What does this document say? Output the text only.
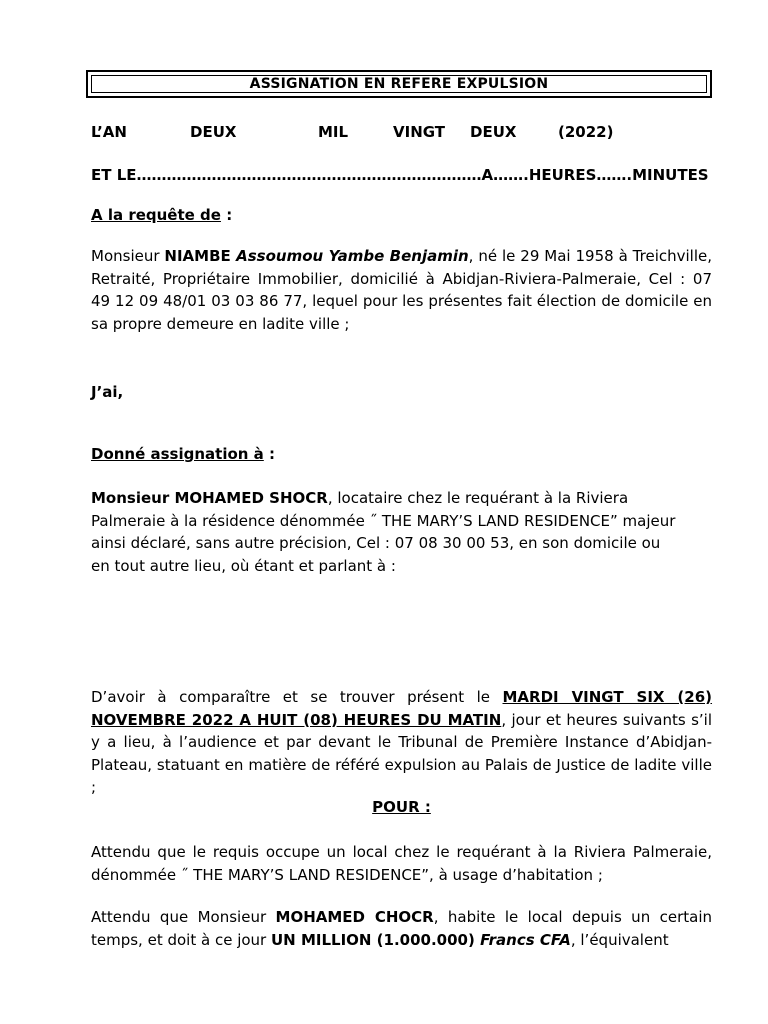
ASSIGNATION EN REFERE EXPULSION
L’AN	DEUX	MIL	VINGT DEUX	(2022)
ET LE……………………………………………………………A…….HEURES…….MINUTES
A la requête de :
Monsieur NIAMBE Assoumou Yambe Benjamin, né le 29 Mai 1958 à Treichville, Retraité, Propriétaire Immobilier, domicilié à Abidjan-Riviera-Palmeraie, Cel : 07 49 12 09 48/01 03 03 86 77, lequel pour les présentes fait élection de domicile en sa propre demeure en ladite ville ;
J’ai,
Donné assignation à :
Monsieur MOHAMED SHOCR, locataire chez le requérant à la Riviera Palmeraie à la résidence dénommée ˝ THE MARY’S LAND RESIDENCE” majeur ainsi déclaré, sans autre précision, Cel : 07 08 30 00 53, en son domicile ou en tout autre lieu, où étant et parlant à :
D’avoir à comparaître et se trouver présent le MARDI VINGT SIX (26) NOVEMBRE 2022 A HUIT (08) HEURES DU MATIN, jour et heures suivants s’il y a lieu, à l’audience et par devant le Tribunal de Première Instance d’Abidjan-Plateau, statuant en matière de référé expulsion au Palais de Justice de ladite ville ;
POUR :
Attendu que le requis occupe un local chez le requérant à la Riviera Palmeraie, dénommée ˝ THE MARY’S LAND RESIDENCE”, à usage d’habitation ;
Attendu que Monsieur MOHAMED CHOCR, habite le local depuis un certain temps, et doit à ce jour UN MILLION (1.000.000) Francs CFA, l’équivalent
